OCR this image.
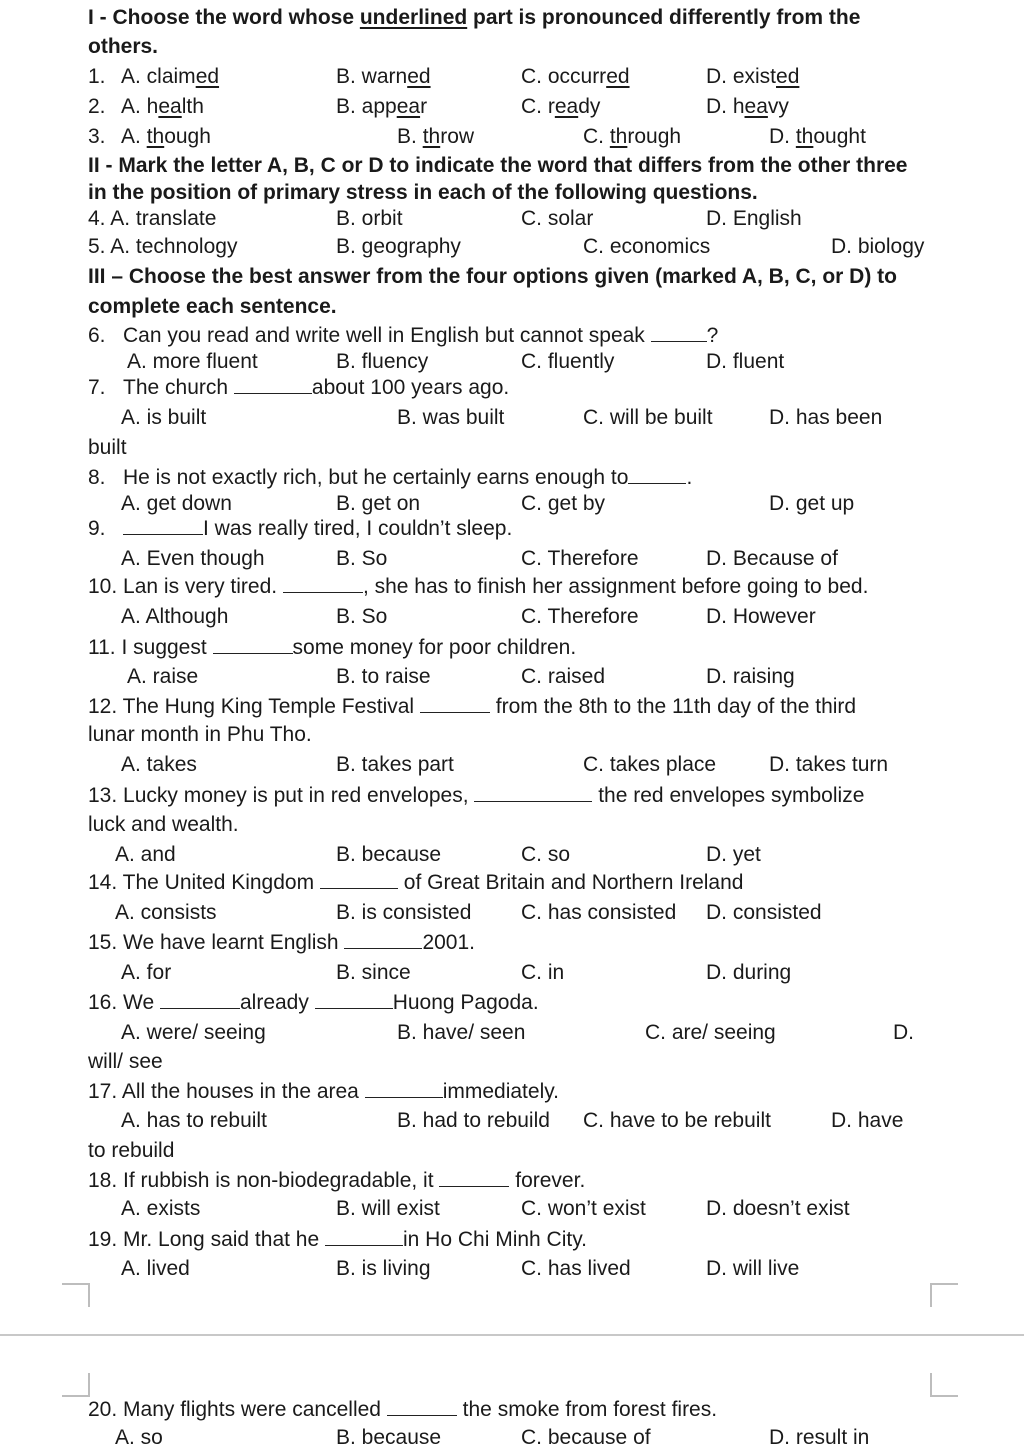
I - Choose the word whose underlined part is pronounced differently from the
others.
1. A. claimed	B. warned	C. occurred	D. existed
2. A. health	B. appear	C. ready	D. heavy
3. A. though	B. throw	C. through	D. thought
II - Mark the letter A, B, C or D to indicate the word that differs from the other three
in the position of primary stress in each of the following questions.
4. A. translate	B. orbit	C. solar	D. English
5. A. technology	B. geography	C. economics	D. biology
III – Choose the best answer from the four options given (marked A, B, C, or D) to
complete each sentence.
6. Can you read and write well in English but cannot speak	?
A. more fluent	B. fluency	C. fluently	D. fluent
7. The church	about 100 years ago.
A. is built	B. was built	C. will be built	D. has been
built
8. He is not exactly rich, but he certainly earns enough to	.
A. get down	B. get on	C. get by	D. get up
9.	I was really tired, I couldn’t sleep.
A. Even though	B. So	C. Therefore	D. Because of
10. Lan is very tired.	, she has to finish her assignment before going to bed.
A. Although	B. So	C. Therefore	D. However
11. I suggest	some money for poor children.
A. raise	B. to raise	C. raised	D. raising
12. The Hung King Temple Festival	from the 8th to the 11th day of the third
lunar month in Phu Tho.
A. takes	B. takes part	C. takes place	D. takes turn
13. Lucky money is put in red envelopes,	the red envelopes symbolize
luck and wealth.
A. and	B. because	C. so	D. yet
14. The United Kingdom	of Great Britain and Northern Ireland
A. consists	B. is consisted C. has consisted D. consisted
15. We have learnt English	2001.
A. for	B. since	C. in	D. during
16. We	already	Huong Pagoda.
A. were/ seeing	B. have/ seen	C. are/ seeing	D.
will/ see
17. All the houses in the area	immediately.
A. has to rebuilt	B. had to rebuild C. have to be rebuilt	D. have
to rebuild
18. If rubbish is non-biodegradable, it	forever.
A. exists	B. will exist	C. won’t exist	D. doesn’t exist
19. Mr. Long said that he	in Ho Chi Minh City.
A. lived	B. is living	C. has lived	D. will live
20. Many flights were cancelled	the smoke from forest fires.
A. so	B. because	C. because of	D. result in
